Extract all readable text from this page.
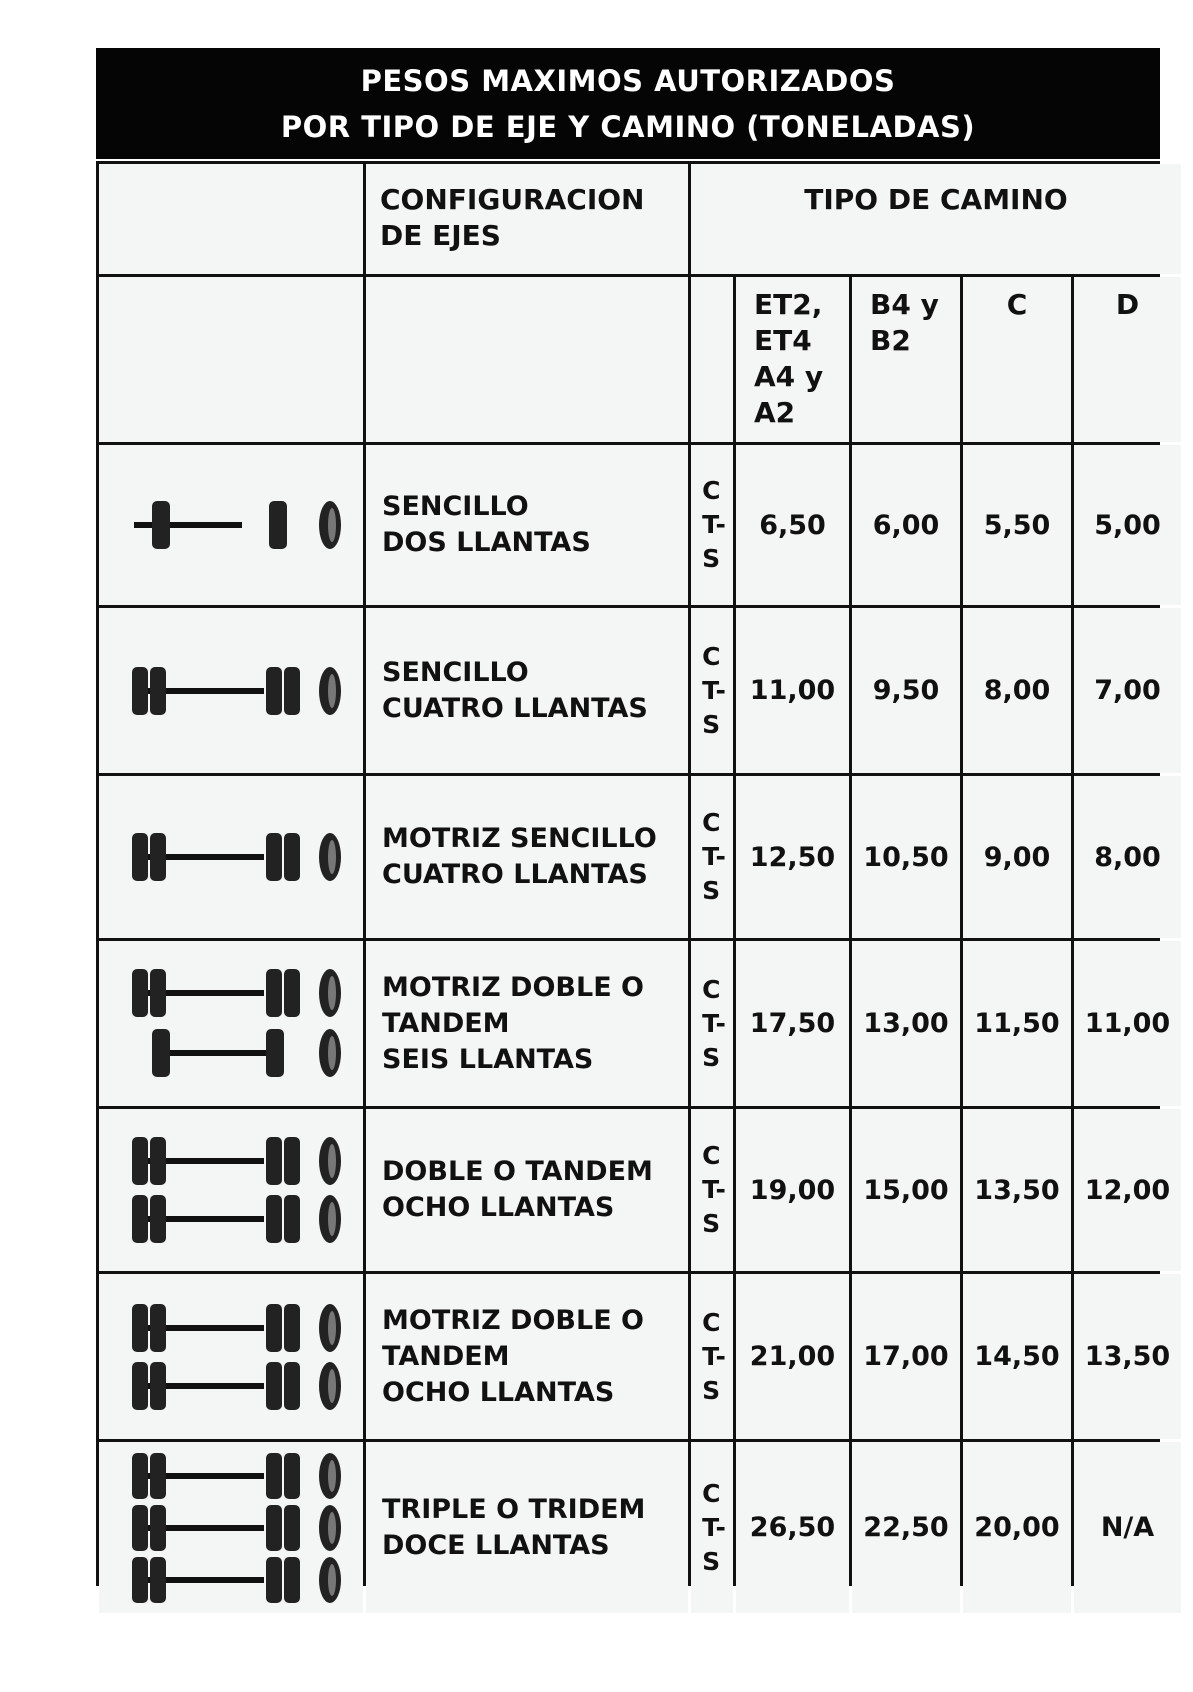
PESOS MAXIMOS AUTORIZADOS
POR TIPO DE EJE Y CAMINO (TONELADAS)
CONFIGURACION
DE EJES
TIPO DE CAMINO
ET2,
ET4
A4 y
A2
B4 y
B2
C	D
SENCILLO
DOS LLANTAS
C
T-
S
6,50	6,00	5,50	5,00
SENCILLO
CUATRO LLANTAS
C
T-
S
11,00	9,50	8,00	7,00
MOTRIZ SENCILLO
CUATRO LLANTAS
C
T-
S
12,50	10,50	9,00	8,00
MOTRIZ DOBLE O
TANDEM
SEIS LLANTAS
C
T-
S
17,50	13,00 11,50 11,00
DOBLE O TANDEM
OCHO LLANTAS
C
T-
S
19,00	15,00 13,50 12,00
MOTRIZ DOBLE O
TANDEM
OCHO LLANTAS
C
T-
S
21,00	17,00 14,50 13,50
TRIPLE O TRIDEM
DOCE LLANTAS
C
T-
S
26,50	22,50 20,00	N/A
